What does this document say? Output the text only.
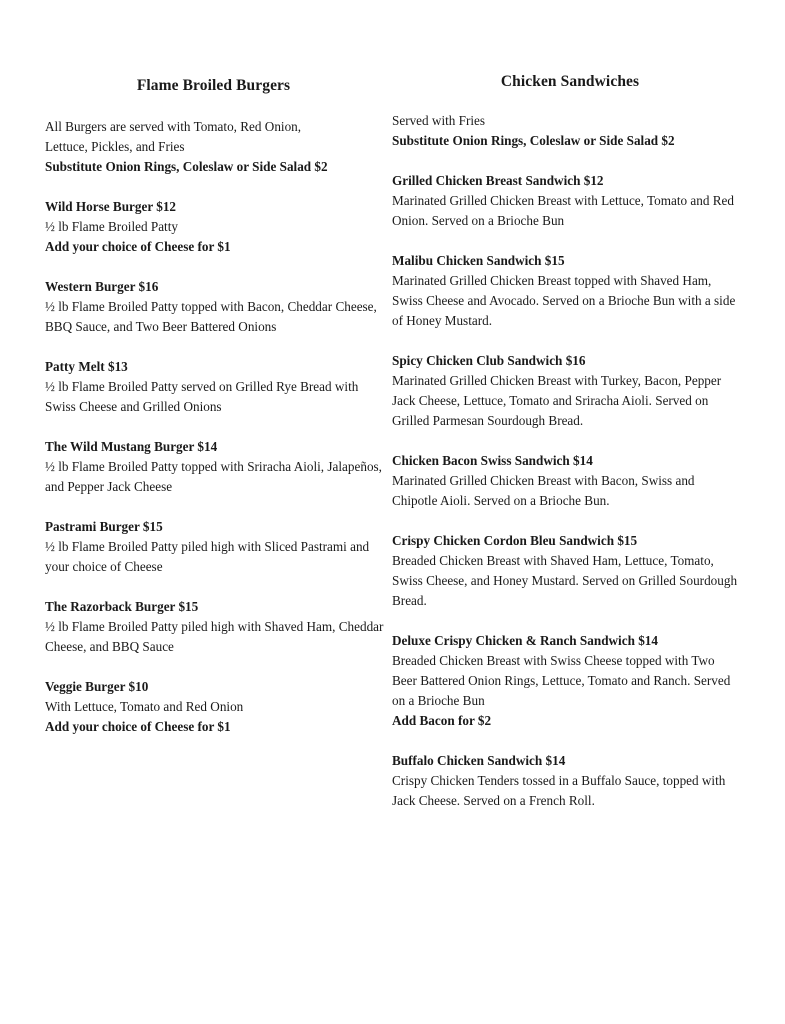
Flame Broiled Burgers

All Burgers are served with Tomato, Red Onion,

Lettuce, Pickles, and Fries

Substitute Onion Rings, Coleslaw or Side Salad $2

Wild Horse Burger $12

½ lb Flame Broiled Patty

Add your choice of Cheese for $1

Western Burger $16

½ lb Flame Broiled Patty topped with Bacon, Cheddar Cheese, BBQ Sauce, and Two Beer Battered Onions

Patty Melt $13

½ lb Flame Broiled Patty served on Grilled Rye Bread with Swiss Cheese and Grilled Onions

The Wild Mustang Burger $14

½ lb Flame Broiled Patty topped with Sriracha Aioli, Jalapeños, and Pepper Jack Cheese

Pastrami Burger $15

½ lb Flame Broiled Patty piled high with Sliced Pastrami and your choice of Cheese

The Razorback Burger $15

½ lb Flame Broiled Patty piled high with Shaved Ham, Cheddar Cheese, and BBQ Sauce

Veggie Burger $10

With Lettuce, Tomato and Red Onion

Add your choice of Cheese for $1

Chicken Sandwiches

Served with Fries

Substitute Onion Rings, Coleslaw or Side Salad $2

Grilled Chicken Breast Sandwich $12

Marinated Grilled Chicken Breast with Lettuce, Tomato and Red Onion. Served on a Brioche Bun

Malibu Chicken Sandwich $15

Marinated Grilled Chicken Breast topped with Shaved Ham, Swiss Cheese and Avocado. Served on a Brioche Bun with a side of Honey Mustard.

Spicy Chicken Club Sandwich $16

Marinated Grilled Chicken Breast with Turkey, Bacon, Pepper Jack Cheese, Lettuce, Tomato and Sriracha Aioli. Served on Grilled Parmesan Sourdough Bread.

Chicken Bacon Swiss Sandwich $14

Marinated Grilled Chicken Breast with Bacon, Swiss and Chipotle Aioli. Served on a Brioche Bun.

Crispy Chicken Cordon Bleu Sandwich $15

Breaded Chicken Breast with Shaved Ham, Lettuce, Tomato, Swiss Cheese, and Honey Mustard. Served on Grilled Sourdough Bread.

Deluxe Crispy Chicken & Ranch Sandwich $14

Breaded Chicken Breast with Swiss Cheese topped with Two Beer Battered Onion Rings, Lettuce, Tomato and Ranch. Served on a Brioche Bun

Add Bacon for $2

Buffalo Chicken Sandwich $14

Crispy Chicken Tenders tossed in a Buffalo Sauce, topped with Jack Cheese. Served on a French Roll.
